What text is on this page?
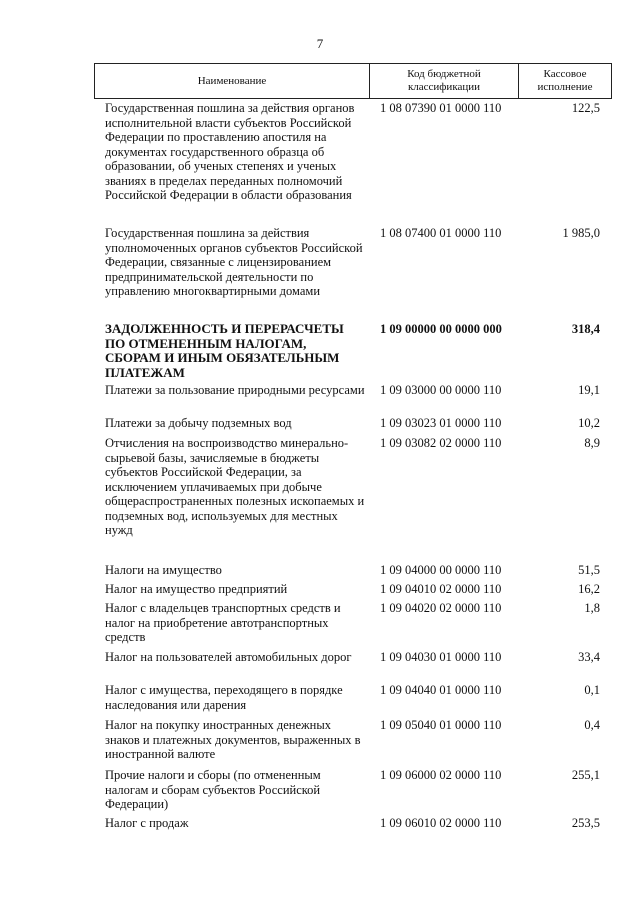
7
Наименование
Код бюджетной классификации
Кассовое исполнение
Государственная пошлина за действия органов исполнительной власти субъектов Российской Федерации по проставлению апостиля на документах государственного образца об образовании, об ученых степенях и ученых званиях в пределах переданных полномочий Российской Федерации в области образования
1 08 07390 01 0000 110	122,5
Государственная пошлина за действия уполномоченных органов субъектов Российской Федерации, связанные с лицензированием предпринимательской деятельности по управлению многоквартирными домами
1 08 07400 01 0000 110	1 985,0
ЗАДОЛЖЕННОСТЬ И ПЕРЕРАСЧЕТЫ ПО ОТМЕНЕННЫМ НАЛОГАМ, СБОРАМ И ИНЫМ ОБЯЗАТЕЛЬНЫМ ПЛАТЕЖАМ
1 09 00000 00 0000 000	318,4
Платежи за пользование природными ресурсами 1 09 03000 00 0000 110	19,1
Платежи за добычу подземных вод	1 09 03023 01 0000 110	10,2
Отчисления на воспроизводство минерально-сырьевой базы, зачисляемые в бюджеты субъектов Российской Федерации, за исключением уплачиваемых при добыче общераспространенных полезных ископаемых и подземных вод, используемых для местных нужд
1 09 03082 02 0000 110	8,9
Налоги на имущество	1 09 04000 00 0000 110	51,5
Налог на имущество предприятий	1 09 04010 02 0000 110	16,2
Налог с владельцев транспортных средств и налог на приобретение автотранспортных средств
1 09 04020 02 0000 110	1,8
Налог на пользователей автомобильных дорог	1 09 04030 01 0000 110	33,4
Налог с имущества, переходящего в порядке наследования или дарения
1 09 04040 01 0000 110	0,1
Налог на покупку иностранных денежных знаков и платежных документов, выраженных в иностранной валюте
1 09 05040 01 0000 110	0,4
Прочие налоги и сборы (по отмененным налогам и сборам субъектов Российской Федерации)
1 09 06000 02 0000 110	255,1
Налог с продаж	1 09 06010 02 0000 110	253,5
